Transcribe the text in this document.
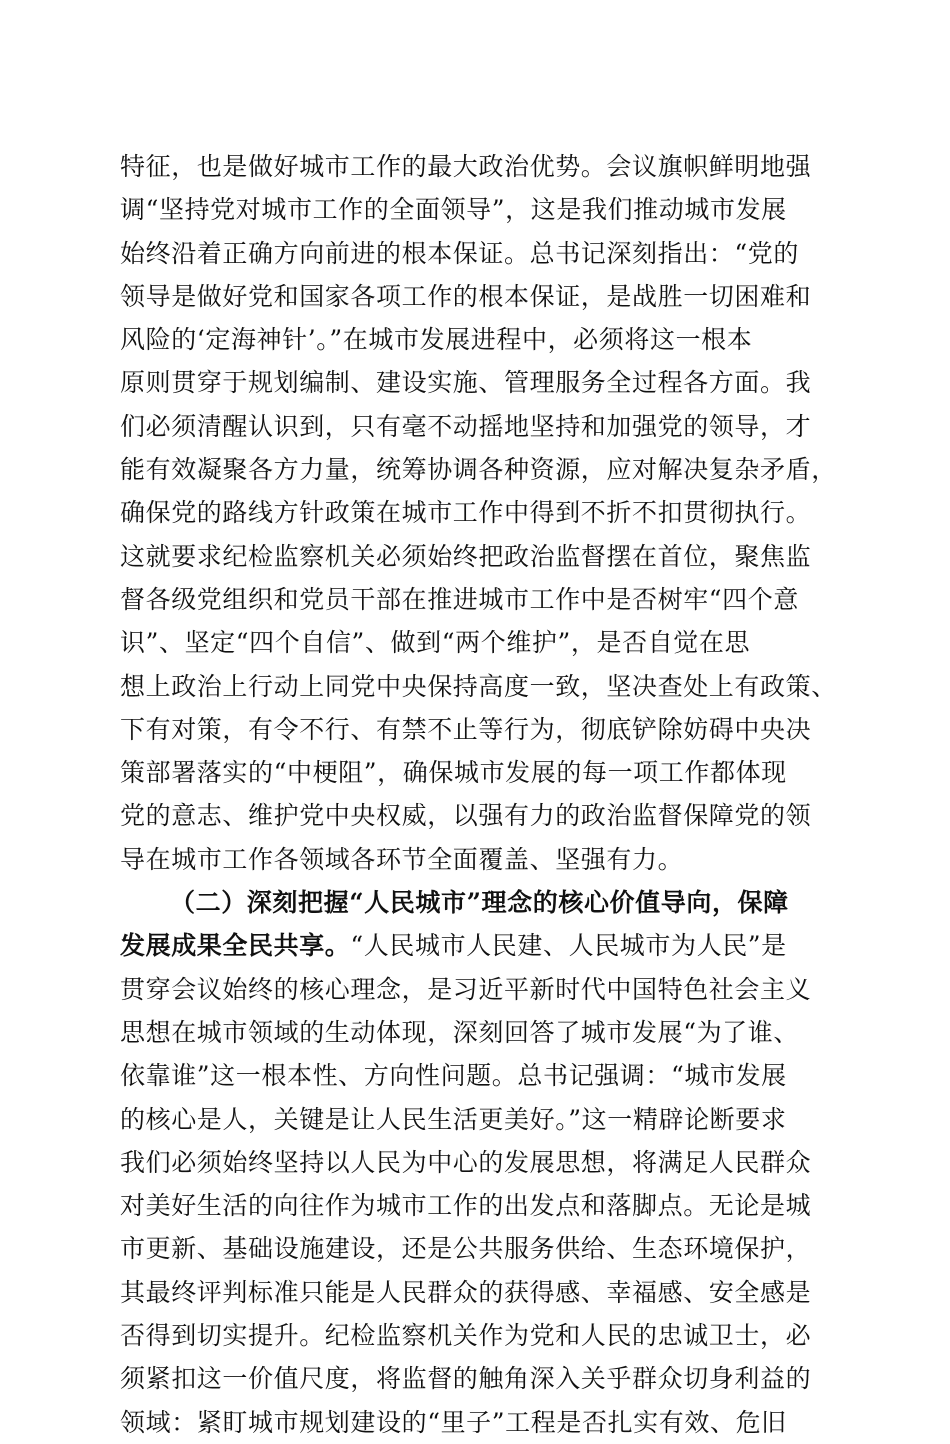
特征，也是做好城市工作的最大政治优势。会议旗帜鲜明地强
调“坚持党对城市工作的全面领导”，这是我们推动城市发展
始终沿着正确方向前进的根本保证。总书记深刻指出：“党的
领导是做好党和国家各项工作的根本保证，是战胜一切困难和
风险的‘定海神针’。”在城市发展进程中，必须将这一根本
原则贯穿于规划编制、建设实施、管理服务全过程各方面。我
们必须清醒认识到，只有毫不动摇地坚持和加强党的领导，才
能有效凝聚各方力量，统筹协调各种资源，应对解决复杂矛盾，
确保党的路线方针政策在城市工作中得到不折不扣贯彻执行。
这就要求纪检监察机关必须始终把政治监督摆在首位，聚焦监
督各级党组织和党员干部在推进城市工作中是否树牢“四个意
识”、坚定“四个自信”、做到“两个维护”，是否自觉在思
想上政治上行动上同党中央保持高度一致，坚决查处上有政策、
下有对策，有令不行、有禁不止等行为，彻底铲除妨碍中央决
策部署落实的“中梗阻”，确保城市发展的每一项工作都体现
党的意志、维护党中央权威，以强有力的政治监督保障党的领
导在城市工作各领域各环节全面覆盖、坚强有力。
（二）深刻把握“人民城市”理念的核心价值导向，保障
发展成果全民共享。“人民城市人民建、人民城市为人民”是
贯穿会议始终的核心理念，是习近平新时代中国特色社会主义
思想在城市领域的生动体现，深刻回答了城市发展“为了谁、
依靠谁”这一根本性、方向性问题。总书记强调：“城市发展
的核心是人，关键是让人民生活更美好。”这一精辟论断要求
我们必须始终坚持以人民为中心的发展思想，将满足人民群众
对美好生活的向往作为城市工作的出发点和落脚点。无论是城
市更新、基础设施建设，还是公共服务供给、生态环境保护，
其最终评判标准只能是人民群众的获得感、幸福感、安全感是
否得到切实提升。纪检监察机关作为党和人民的忠诚卫士，必
须紧扣这一价值尺度，将监督的触角深入关乎群众切身利益的
领域：紧盯城市规划建设的“里子”工程是否扎实有效、危旧
